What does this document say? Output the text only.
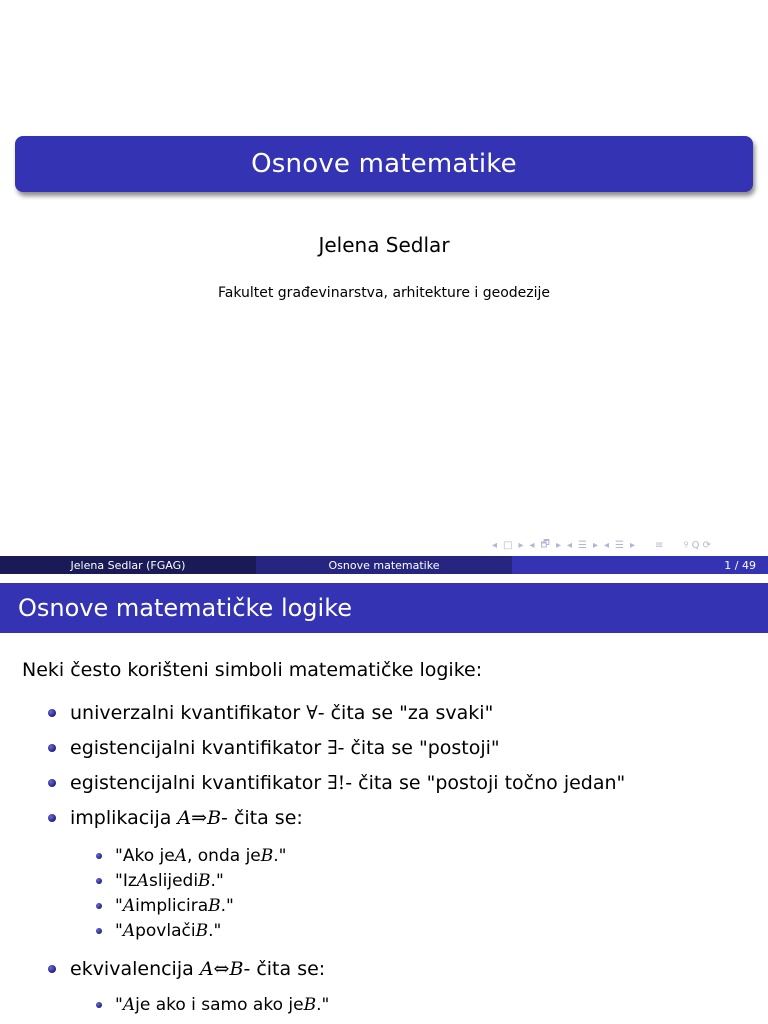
Osnove matematike
Jelena Sedlar
Fakultet građevinarstva, arhitekture i geodezije
◂ □ ▸ ◂ 🗗 ▸ ◂ ☰ ▸ ◂ ☰ ▸ ≡ ୨ Q ⟳
Jelena Sedlar (FGAG)	Osnove matematike	1 / 49
Osnove matematičke logike
Neki često korišteni simboli matematičke logike:
univerzalni kvantifikator
∀ - čita se "za svaki"
egistencijalni kvantifikator
∃ - čita se "postoji"
egistencijalni kvantifikator
∃! - čita se "postoji točno jedan"
implikacija
A ⇒ B - čita se:
"Ako je A , onda je B ."
"Iz A slijedi B ."
" A implicira B ."
" A povlači B ."
ekvivalencija
A ⇔ B - čita se:
" A je ako i samo ako je B ."
